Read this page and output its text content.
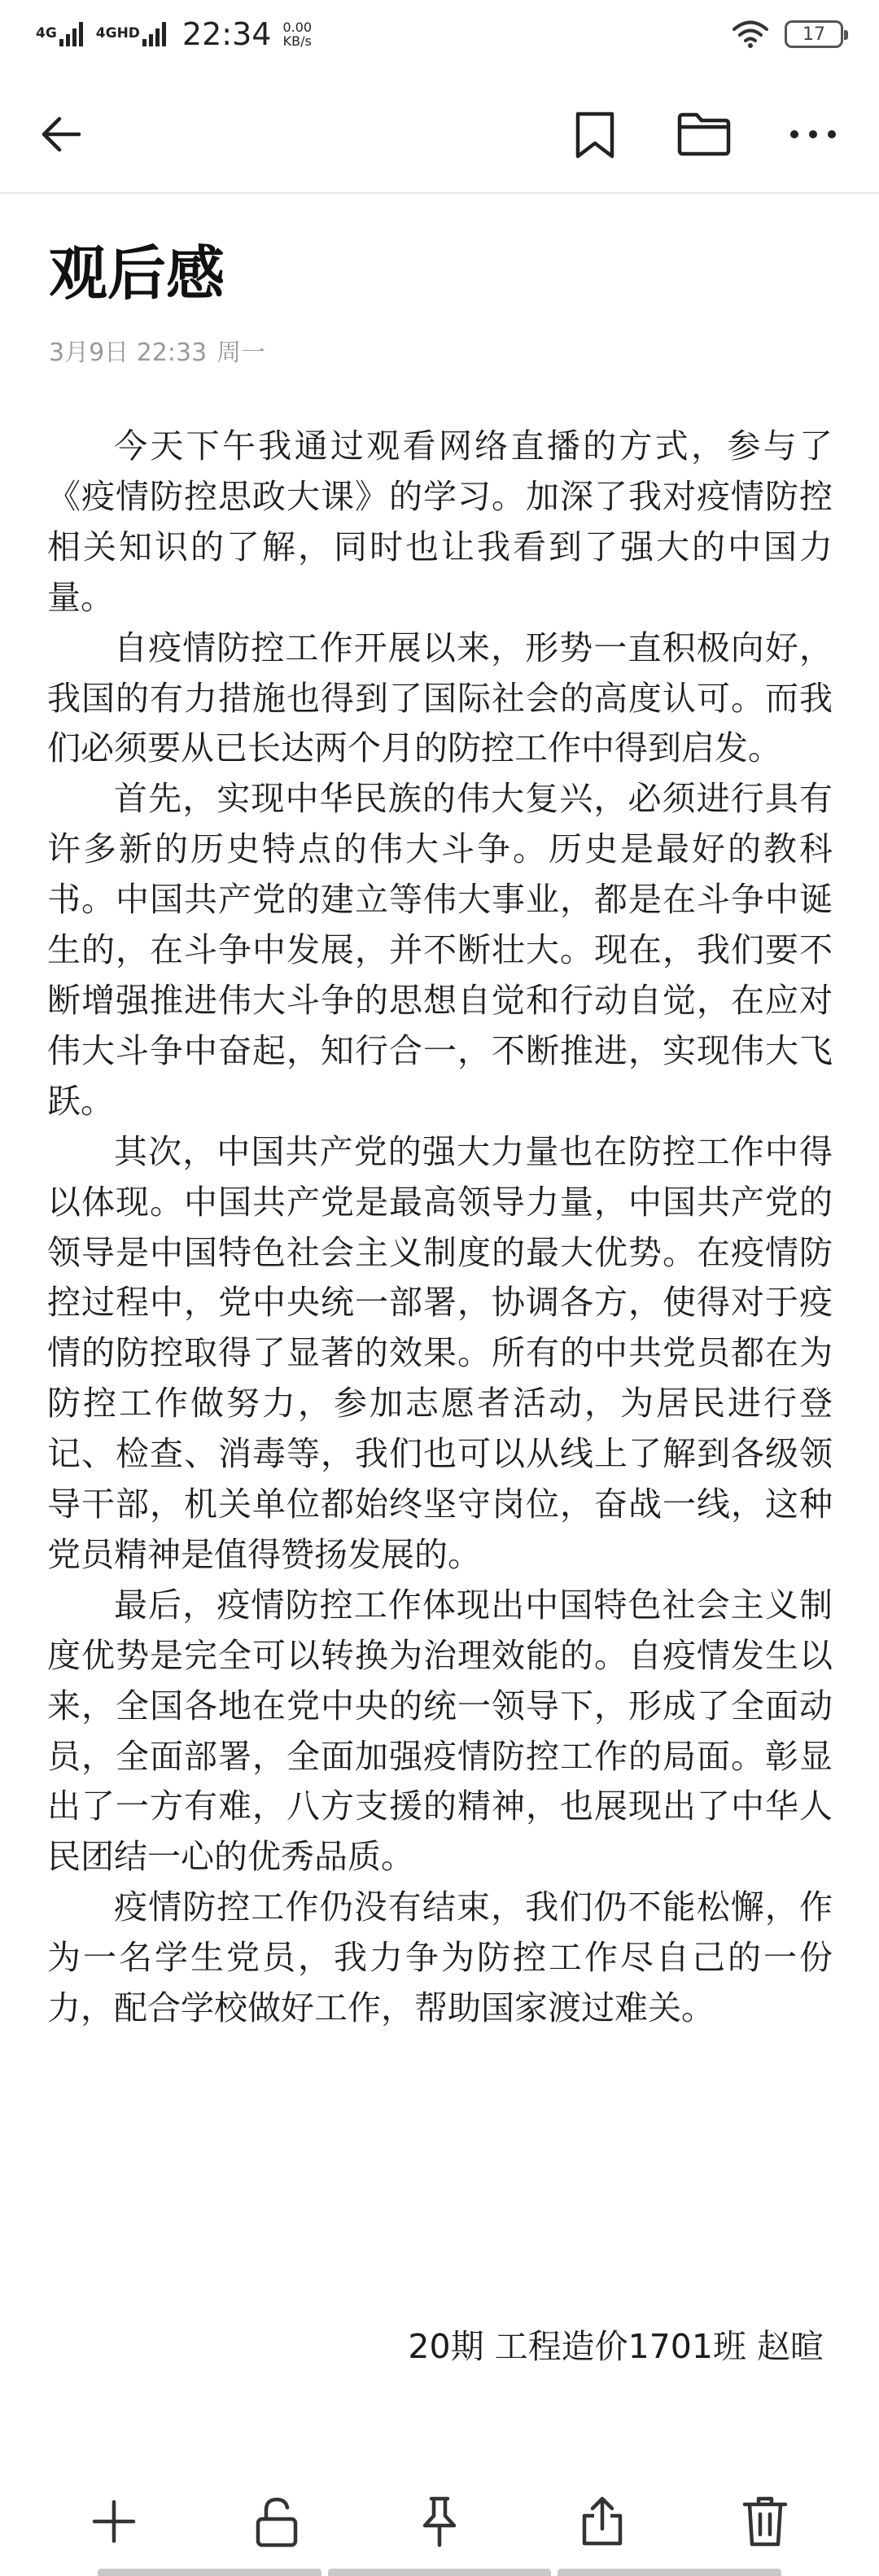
4G	4GHD 22:34 0.00
KB/s	17
观后感
3月9日 22:33 周一

今天下午我通过观看网络直播的方式，参与了《疫情防控思政大课》的学习。加深了我对疫情防控相关知识的了解，同时也让我看到了强大的中国力量。

自疫情防控工作开展以来，形势一直积极向好，我国的有力措施也得到了国际社会的高度认可。而我们必须要从已长达两个月的防控工作中得到启发。

首先，实现中华民族的伟大复兴，必须进行具有许多新的历史特点的伟大斗争。历史是最好的教科书。中国共产党的建立等伟大事业，都是在斗争中诞生的，在斗争中发展，并不断壮大。现在，我们要不断增强推进伟大斗争的思想自觉和行动自觉，在应对伟大斗争中奋起，知行合一，不断推进，实现伟大飞跃。

其次，中国共产党的强大力量也在防控工作中得以体现。中国共产党是最高领导力量，中国共产党的领导是中国特色社会主义制度的最大优势。在疫情防控过程中，党中央统一部署，协调各方，使得对于疫情的防控取得了显著的效果。所有的中共党员都在为防控工作做努力，参加志愿者活动，为居民进行登记、检查、消毒等，我们也可以从线上了解到各级领导干部，机关单位都始终坚守岗位，奋战一线，这种党员精神是值得赞扬发展的。

最后，疫情防控工作体现出中国特色社会主义制度优势是完全可以转换为治理效能的。自疫情发生以来，全国各地在党中央的统一领导下，形成了全面动员，全面部署，全面加强疫情防控工作的局面。彰显出了一方有难，八方支援的精神，也展现出了中华人民团结一心的优秀品质。

疫情防控工作仍没有结束，我们仍不能松懈，作为一名学生党员，我力争为防控工作尽自己的一份力，配合学校做好工作，帮助国家渡过难关。

20期 工程造价1701班 赵暄
